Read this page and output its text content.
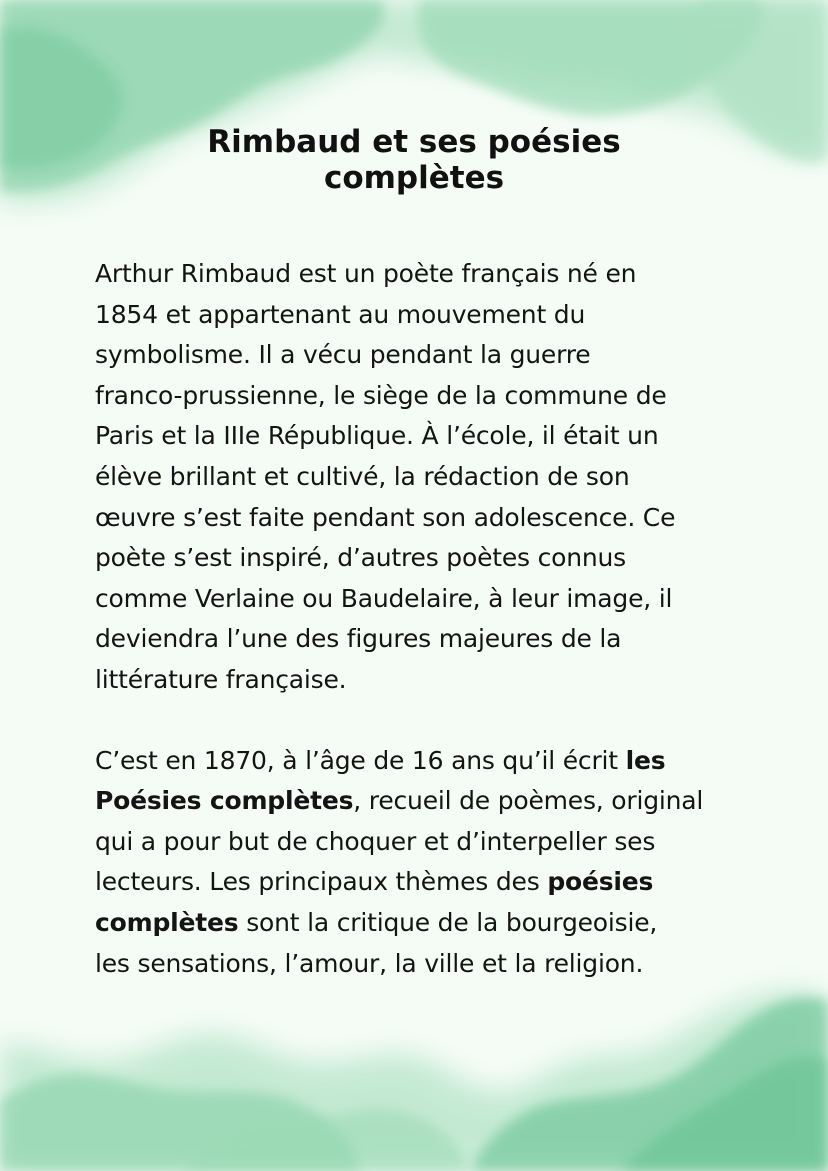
Rimbaud et ses poésies
complètes

Arthur Rimbaud est un poète français né en
1854 et appartenant au mouvement du
symbolisme. Il a vécu pendant la guerre
franco-prussienne, le siège de la commune de
Paris et la IIIe République. À l’école, il était un
élève brillant et cultivé, la rédaction de son
œuvre s’est faite pendant son adolescence. Ce
poète s’est inspiré, d’autres poètes connus
comme Verlaine ou Baudelaire, à leur image, il
deviendra l’une des figures majeures de la
littérature française.

C’est en 1870, à l’âge de 16 ans qu’il écrit les
Poésies complètes, recueil de poèmes, original
qui a pour but de choquer et d’interpeller ses
lecteurs. Les principaux thèmes des poésies
complètes sont la critique de la bourgeoisie,
les sensations, l’amour, la ville et la religion.
